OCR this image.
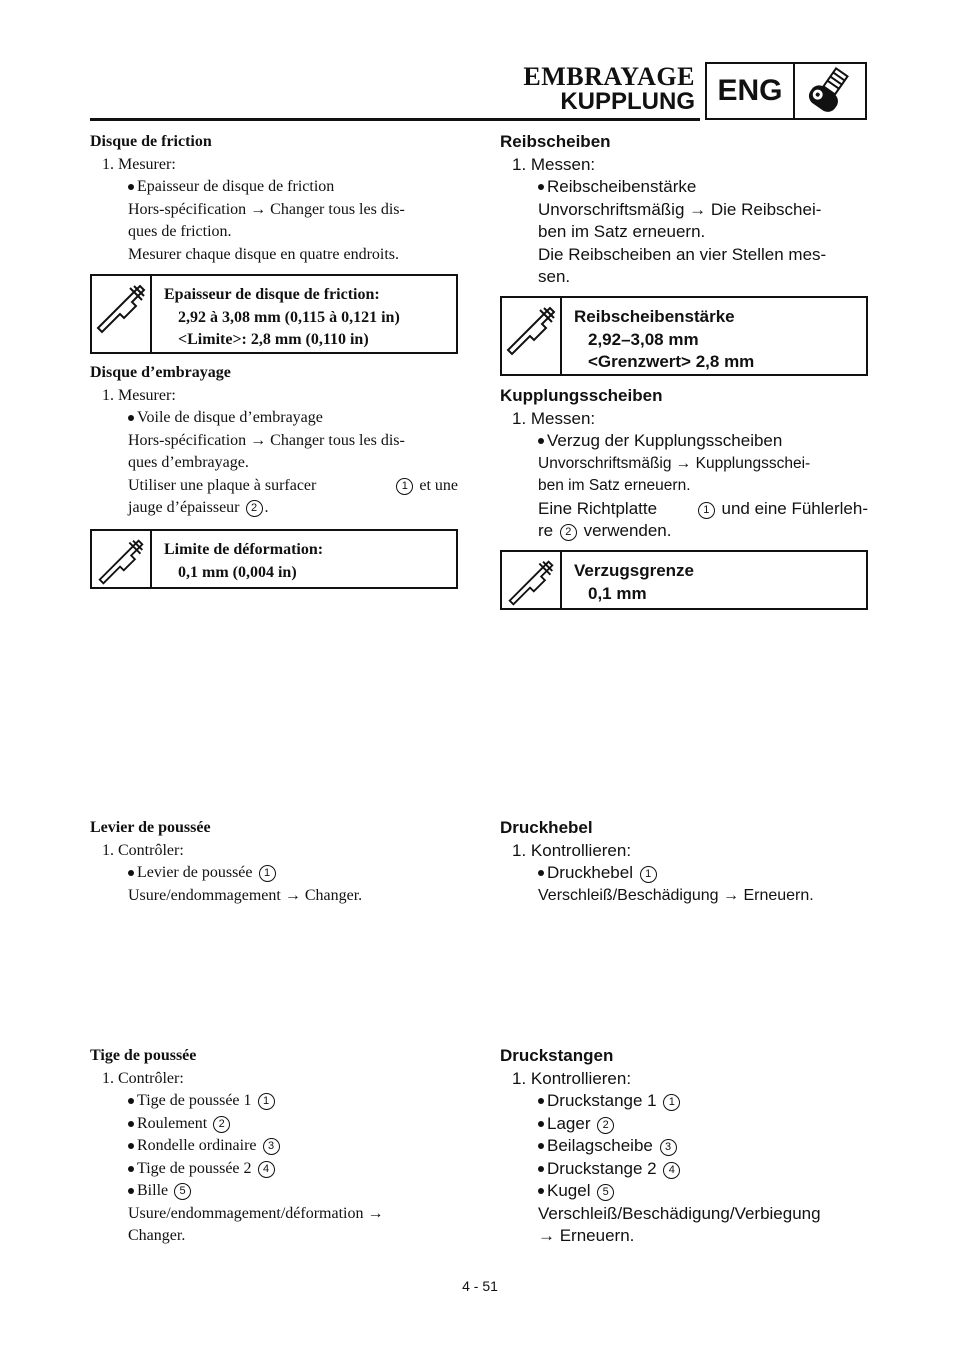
EMBRAYAGE
KUPPLUNG ENG
Disque de friction
1. Mesurer:
Epaisseur de disque de friction
Hors-spécification → Changer tous les dis-
ques de friction.
Mesurer chaque disque en quatre endroits.
Epaisseur de disque de friction:
2,92 à 3,08 mm (0,115 à 0,121 in)
<Limite>: 2,8 mm (0,110 in)
Disque d’embrayage
1. Mesurer:
Voile de disque d’embrayage
Hors-spécification → Changer tous les dis-
ques d’embrayage.
Utiliser une plaque à surfacer	1 et une
jauge d’épaisseur 2 .
Limite de déformation:
0,1 mm (0,004 in)
Levier de poussée
1. Contrôler:
Levier de poussée 1
Usure/endommagement → Changer.
Tige de poussée
1. Contrôler:
Tige de poussée 1 1
Roulement 2
Rondelle ordinaire 3
Tige de poussée 2 4
Bille 5
Usure/endommagement/déformation →
Changer.
Reibscheiben
1. Messen:
Reibscheibenstärke
Unvorschriftsmäßig → Die Reibschei-
ben im Satz erneuern.
Die Reibscheiben an vier Stellen mes-
sen.
Reibscheibenstärke
2,92–3,08 mm
<Grenzwert> 2,8 mm
Kupplungsscheiben
1. Messen:
Verzug der Kupplungsscheiben
Unvorschriftsmäßig → Kupplungsschei-
ben im Satz erneuern.
Eine Richtplatte	1 und eine Fühlerleh-
re 2 verwenden.
Verzugsgrenze
0,1 mm
Druckhebel
1. Kontrollieren:
Druckhebel 1
Verschleiß/Beschädigung → Erneuern.
Druckstangen
1. Kontrollieren:
Druckstange 1 1
Lager 2
Beilagscheibe 3
Druckstange 2 4
Kugel 5
Verschleiß/Beschädigung/Verbiegung
→ Erneuern.
4 - 51
